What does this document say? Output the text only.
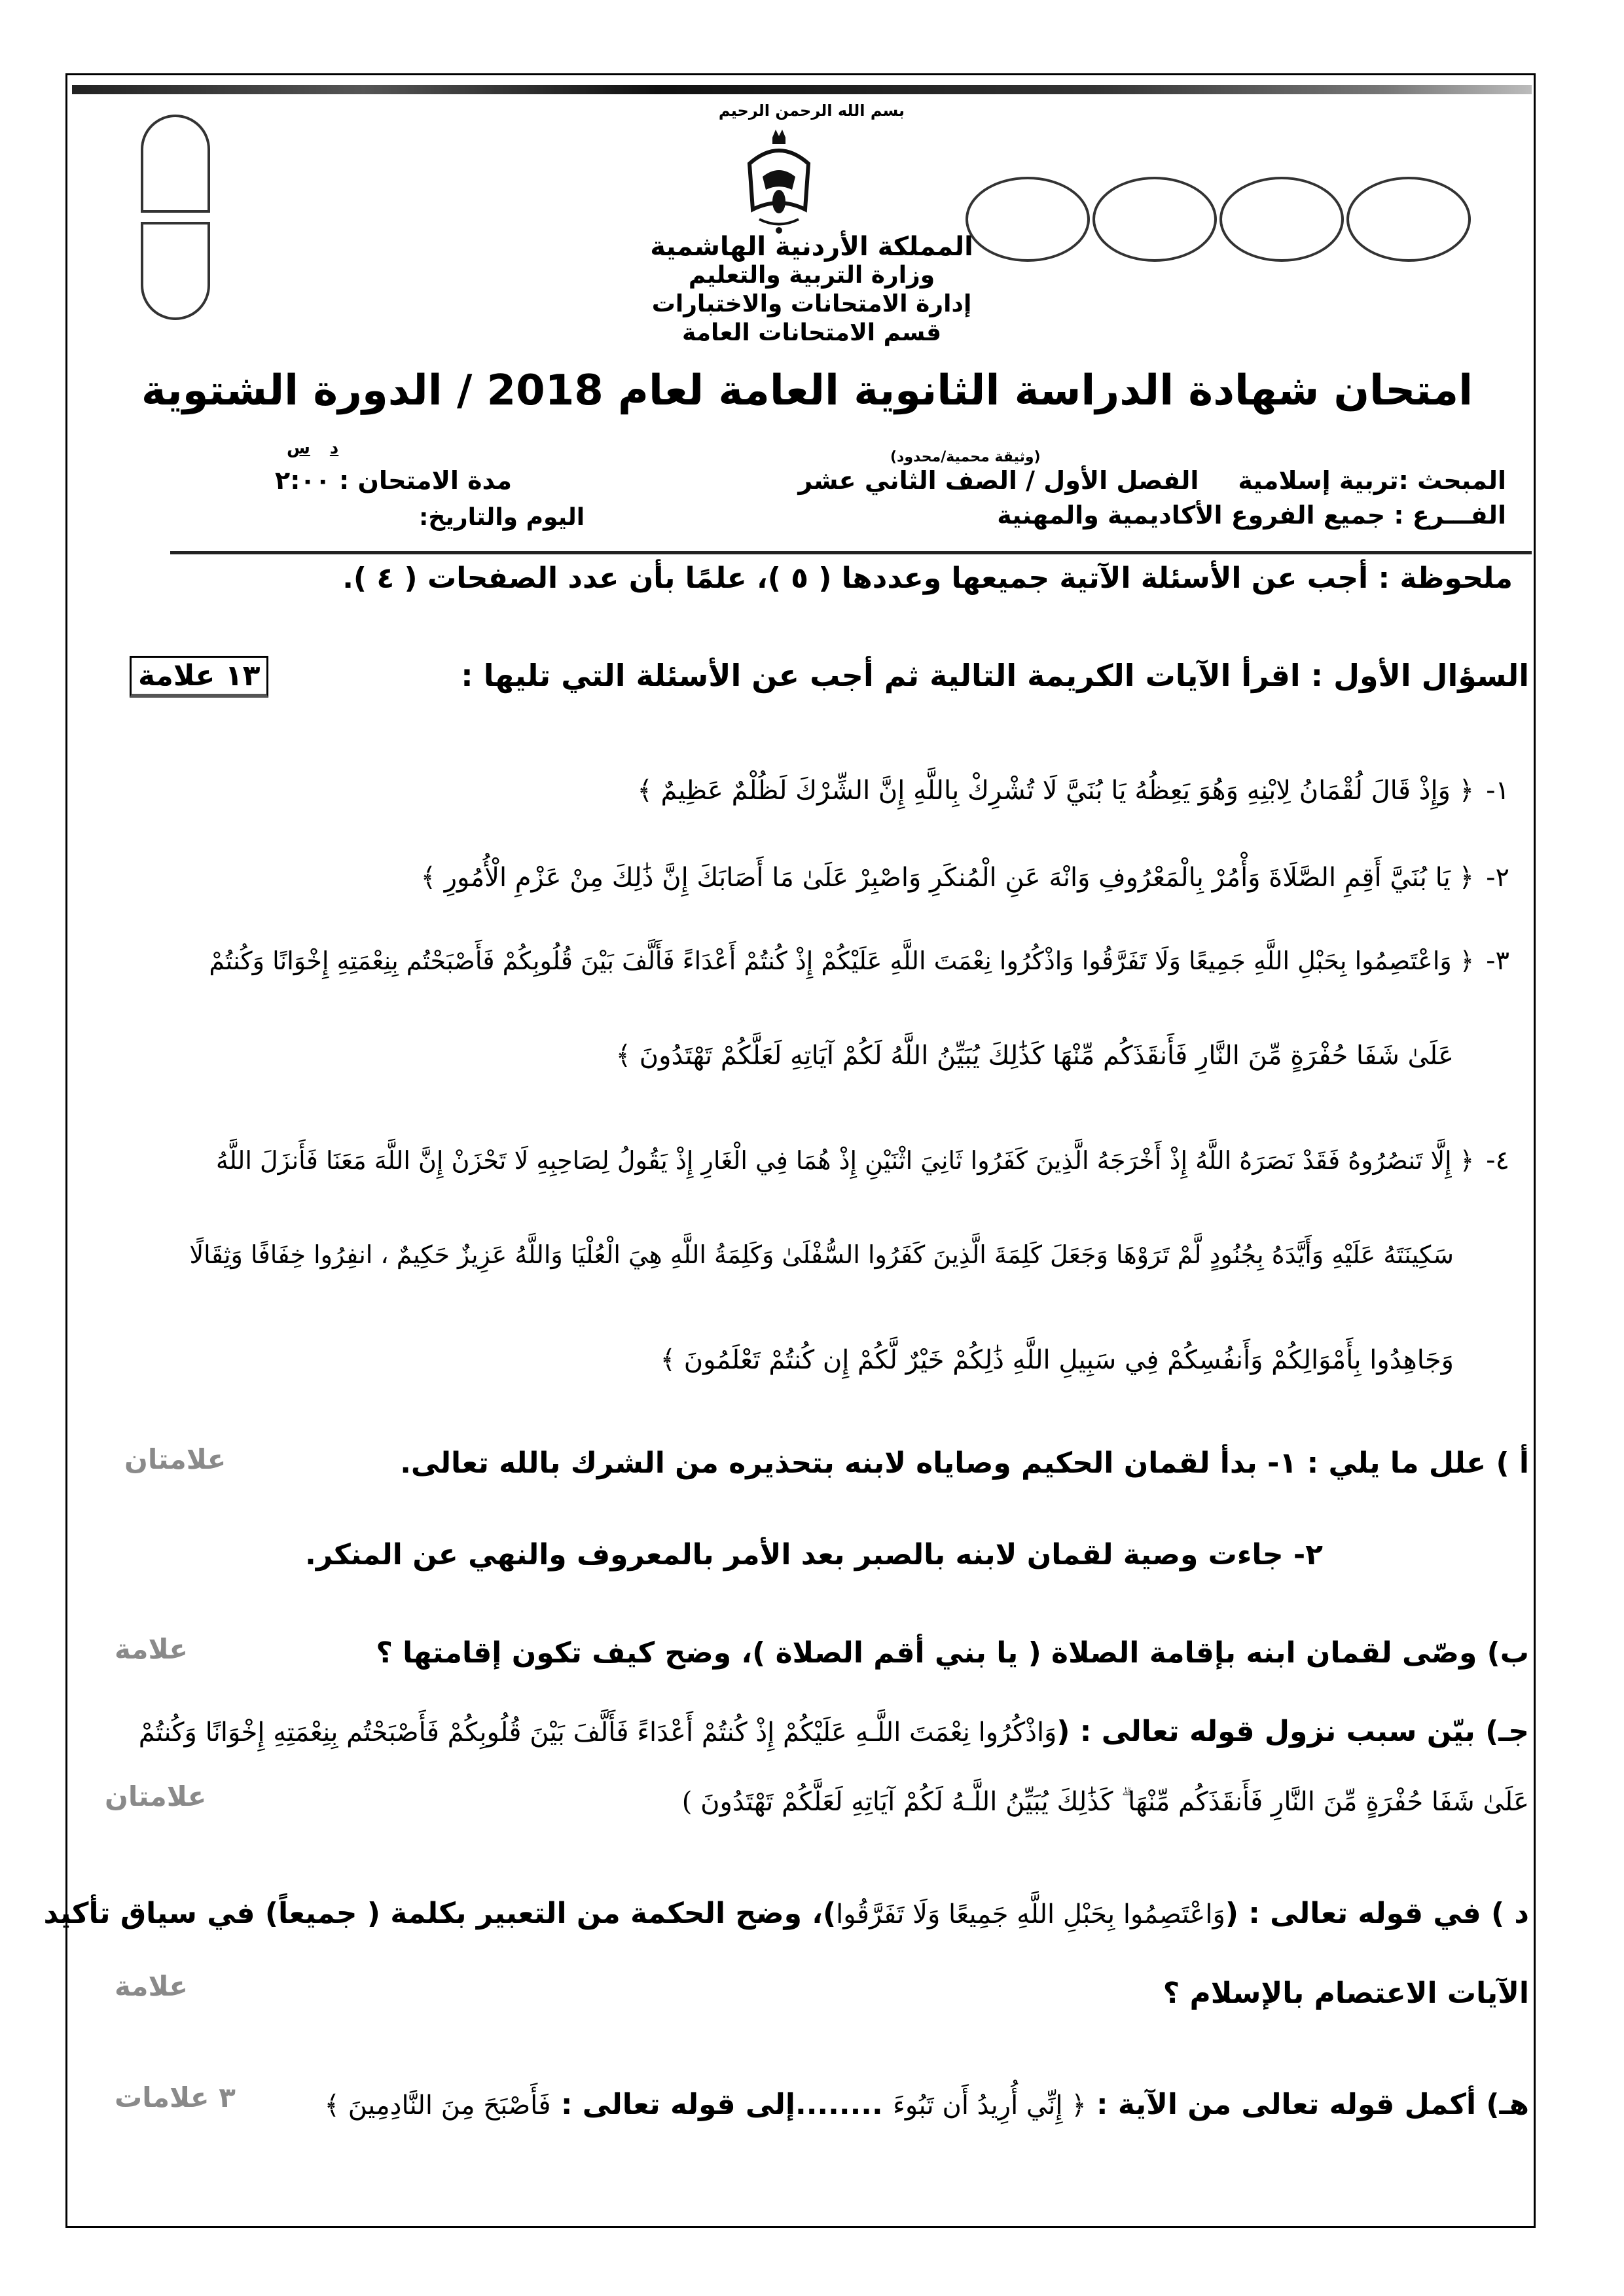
بسم الله الرحمن الرحيم
المملكة الأردنية الهاشمية
وزارة التربية والتعليم
إدارة الامتحانات والاختبارات
قسم الامتحانات العامة
امتحان شهادة الدراسة الثانوية العامة لعام 2018 / الدورة الشتوية
(وثيقة محمية/محدود)
المبحث :تربية إسلامية
الفصل الأول / الصف الثاني عشر
مدة الامتحان : ٢:٠٠
د
س
الفـــرع : جميع الفروع الأكاديمية والمهنية
اليوم والتاريخ:
ملحوظة : أجب عن الأسئلة الآتية جميعها وعددها ( ٥ )، علمًا بأن عدد الصفحات ( ٤ ).
السؤال الأول : اقرأ الآيات الكريمة التالية ثم أجب عن الأسئلة التي تليها :
١٣ علامة
١-﴿ وَإِذْ قَالَ لُقْمَانُ لِابْنِهِ وَهُوَ يَعِظُهُ يَا بُنَيَّ لَا تُشْرِكْ بِاللَّهِ إِنَّ الشِّرْكَ لَظُلْمٌ عَظِيمٌ ﴾
٢-﴿ يَا بُنَيَّ أَقِمِ الصَّلَاةَ وَأْمُرْ بِالْمَعْرُوفِ وَانْهَ عَنِ الْمُنكَرِ وَاصْبِرْ عَلَىٰ مَا أَصَابَكَ إِنَّ ذَٰلِكَ مِنْ عَزْمِ الْأُمُورِ ﴾
٣-﴿ وَاعْتَصِمُوا بِحَبْلِ اللَّهِ جَمِيعًا وَلَا تَفَرَّقُوا وَاذْكُرُوا نِعْمَتَ اللَّهِ عَلَيْكُمْ إِذْ كُنتُمْ أَعْدَاءً فَأَلَّفَ بَيْنَ قُلُوبِكُمْ فَأَصْبَحْتُم بِنِعْمَتِهِ إِخْوَانًا وَكُنتُمْ
عَلَىٰ شَفَا حُفْرَةٍ مِّنَ النَّارِ فَأَنقَذَكُم مِّنْهَا كَذَٰلِكَ يُبَيِّنُ اللَّهُ لَكُمْ آيَاتِهِ لَعَلَّكُمْ تَهْتَدُونَ ﴾
٤-﴿ إِلَّا تَنصُرُوهُ فَقَدْ نَصَرَهُ اللَّهُ إِذْ أَخْرَجَهُ الَّذِينَ كَفَرُوا ثَانِيَ اثْنَيْنِ إِذْ هُمَا فِي الْغَارِ إِذْ يَقُولُ لِصَاحِبِهِ لَا تَحْزَنْ إِنَّ اللَّهَ مَعَنَا فَأَنزَلَ اللَّهُ
سَكِينَتَهُ عَلَيْهِ وَأَيَّدَهُ بِجُنُودٍ لَّمْ تَرَوْهَا وَجَعَلَ كَلِمَةَ الَّذِينَ كَفَرُوا السُّفْلَىٰ وَكَلِمَةُ اللَّهِ هِيَ الْعُلْيَا وَاللَّهُ عَزِيزٌ حَكِيمٌ ، انفِرُوا خِفَافًا وَثِقَالًا
وَجَاهِدُوا بِأَمْوَالِكُمْ وَأَنفُسِكُمْ فِي سَبِيلِ اللَّهِ ذَٰلِكُمْ خَيْرٌ لَّكُمْ إِن كُنتُمْ تَعْلَمُونَ ﴾
أ ) علل ما يلي : ١- بدأ لقمان الحكيم وصاياه لابنه بتحذيره من الشرك بالله تعالى.
علامتان
٢- جاءت وصية لقمان لابنه بالصبر بعد الأمر بالمعروف والنهي عن المنكر.
ب) وصّى لقمان ابنه بإقامة الصلاة ( يا بني أقم الصلاة )، وضح كيف تكون إقامتها ؟
علامة
جـ) بيّن سبب نزول قوله تعالى : (وَاذْكُرُوا نِعْمَتَ اللَّـهِ عَلَيْكُمْ إِذْ كُنتُمْ أَعْدَاءً فَأَلَّفَ بَيْنَ قُلُوبِكُمْ فَأَصْبَحْتُم بِنِعْمَتِهِ إِخْوَانًا وَكُنتُمْ
عَلَىٰ شَفَا حُفْرَةٍ مِّنَ النَّارِ فَأَنقَذَكُم مِّنْهَا ۗ كَذَٰلِكَ يُبَيِّنُ اللَّـهُ لَكُمْ آيَاتِهِ لَعَلَّكُمْ تَهْتَدُونَ )
علامتان
د ) في قوله تعالى : (وَاعْتَصِمُوا بِحَبْلِ اللَّهِ جَمِيعًا وَلَا تَفَرَّقُوا)، وضح الحكمة من التعبير بكلمة ( جميعاً) في سياق تأكيد
الآيات الاعتصام بالإسلام ؟
علامة
هـ) أكمل قوله تعالى من الآية : ﴿ إِنِّي أُرِيدُ أَن تَبُوءَ ........إلى قوله تعالى : فَأَصْبَحَ مِنَ النَّادِمِينَ ﴾
٣ علامات
